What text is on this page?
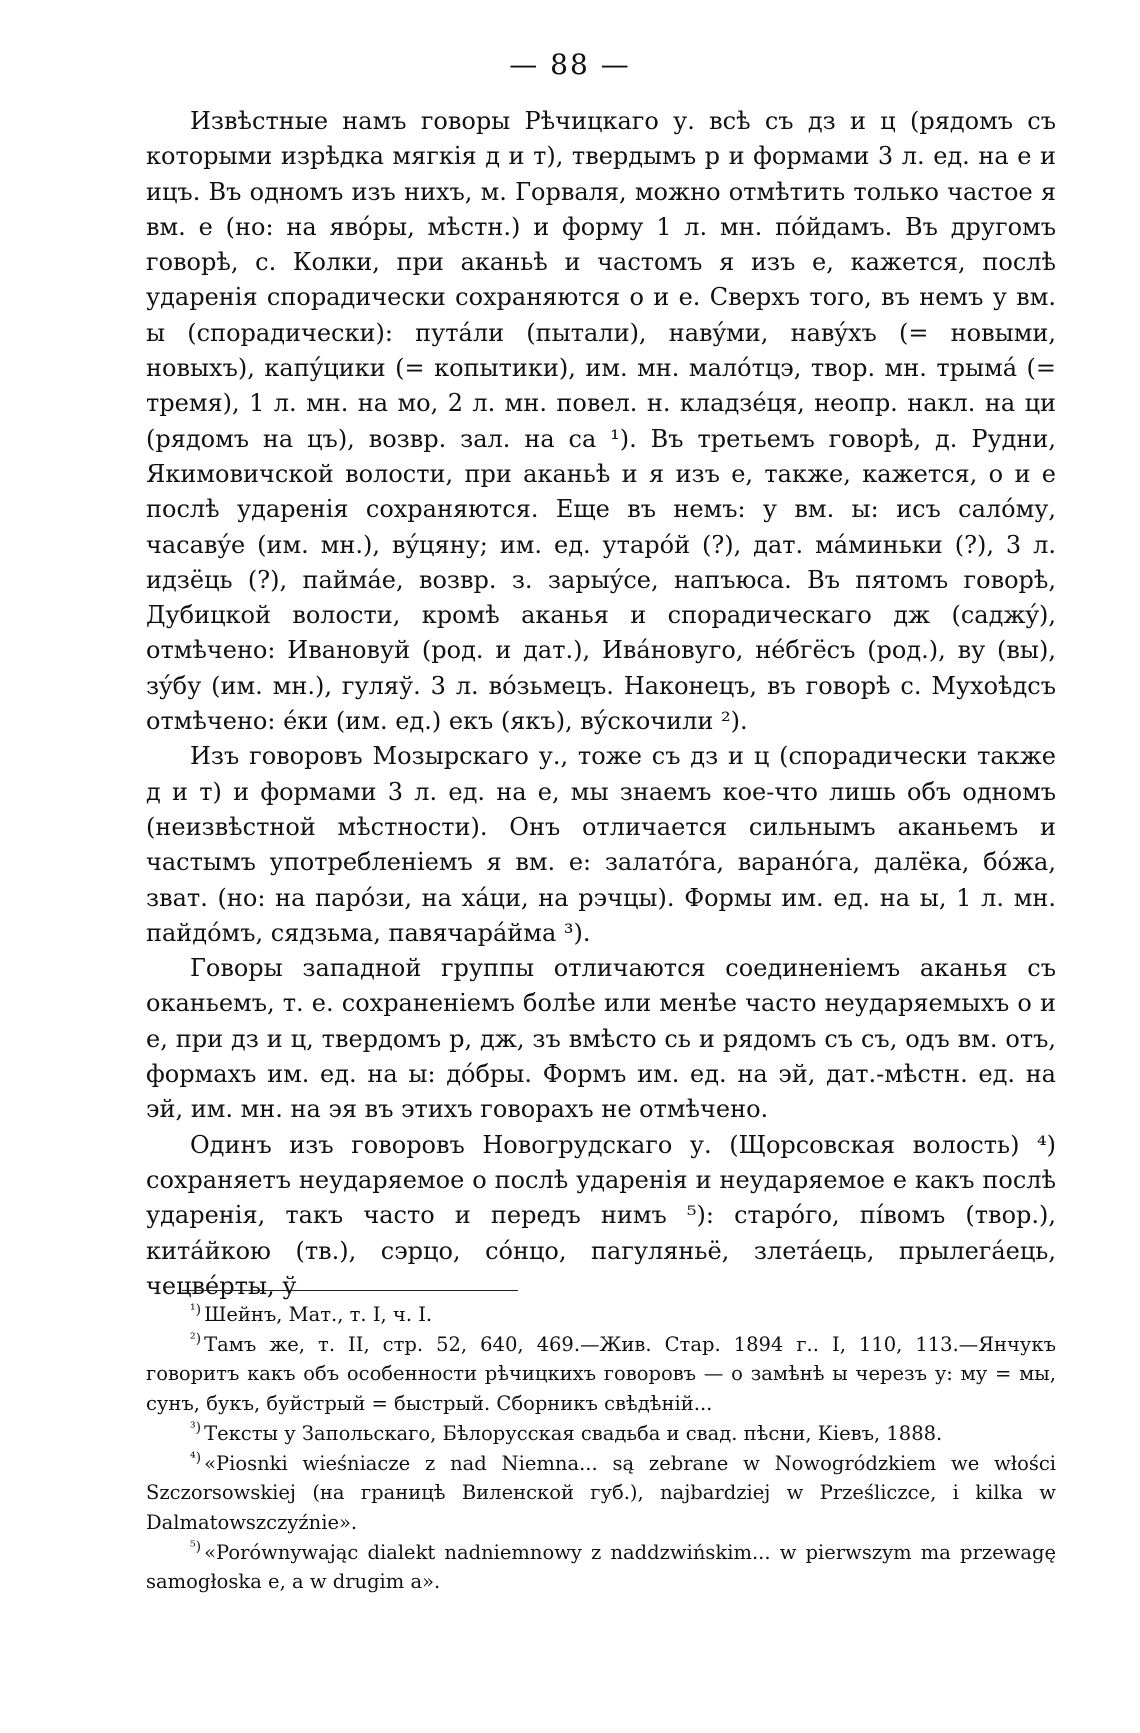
— 88 —

Извѣстные намъ говоры Рѣчицкаго у. всѣ съ дз и ц (рядомъ съ которыми изрѣдка мягкія д и т), твердымъ р и формами 3 л. ед. на е и ицъ. Въ одномъ изъ нихъ, м. Горваля, можно отмѣтить только частое я вм. е (но: на явóры, мѣстн.) и форму 1 л. мн. пóйдамъ. Въ другомъ говорѣ, с. Колки, при аканьѣ и частомъ я изъ е, кажется, послѣ ударенія спорадически сохраняются о и е. Сверхъ того, въ немъ у вм. ы (спорадически): путáли (пытали), навýми, навýхъ (= новыми, новыхъ), капýцики (= копытики), им. мн. малóтцэ, твор. мн. трымá (= тремя), 1 л. мн. на мо, 2 л. мн. повел. н. кладзéця, неопр. накл. на ци (рядомъ на цъ), возвр. зал. на са ¹). Въ третьемъ говорѣ, д. Рудни, Якимовичской волости, при аканьѣ и я изъ е, также, кажется, о и е послѣ ударенія сохраняются. Еще въ немъ: у вм. ы: исъ салóму, часавýе (им. мн.), вýцяну; им. ед. утарóй (?), дат. мáминьки (?), 3 л. идзёць (?), паймáе, возвр. з. зарыýсе, напъюса. Въ пятомъ говорѣ, Дубицкой волости, кромѣ аканья и спорадическаго дж (саджý), отмѣчено: Ивановуй (род. и дат.), Ивáновуго, нéбгёсъ (род.), ву (вы), зýбу (им. мн.), гуляў. 3 л. вóзьмецъ. Наконецъ, въ говорѣ с. Мухоѣдсъ отмѣчено: éки (им. ед.) екъ (якъ), вýскочили ²).

Изъ говоровъ Мозырскаго у., тоже съ дз и ц (спорадически также д и т) и формами 3 л. ед. на е, мы знаемъ кое-что лишь объ одномъ (неизвѣстной мѣстности). Онъ отличается сильнымъ аканьемъ и частымъ употребленіемъ я вм. е: залатóга, варанóга, далёка, бóжа, зват. (но: на парóзи, на хáци, на рэчцы). Формы им. ед. на ы, 1 л. мн. пайдóмъ, сядзьма, павячарáйма ³).

Говоры западной группы отличаются соединеніемъ аканья съ оканьемъ, т. е. сохраненіемъ болѣе или менѣе часто неударяемыхъ о и е, при дз и ц, твердомъ р, дж, зъ вмѣсто сь и рядомъ съ съ, одъ вм. отъ, формахъ им. ед. на ы: дóбры. Формъ им. ед. на эй, дат.-мѣстн. ед. на эй, им. мн. на эя въ этихъ говорахъ не отмѣчено.

Одинъ изъ говоровъ Новогрудскаго у. (Щорсовская волость) ⁴) сохраняетъ неударяемое о послѣ ударенія и неударяемое е какъ послѣ ударенія, такъ часто и передъ нимъ ⁵): старóго, пíвомъ (твор.), китáйкою (тв.), сэрцо, сóнцо, пагуляньё, злетáець, прылегáець, чецвéрты, ў

$^{^1)}$ Шейнъ, Мат., т. I, ч. I.

$^{^2)}$ Тамъ же, т. II, стр. 52, 640, 469.—Жив. Стар. 1894 г.. I, 110, 113.—Янчукъ говоритъ какъ объ особенности рѣчицкихъ говоровъ — о замѣнѣ ы черезъ у: му = мы, сунъ, букъ, буйстрый = быстрый. Сборникъ свѣдѣній...

$^{^3)}$ Тексты у Запольскаго, Бѣлорусская свадьба и свад. пѣсни, Кіевъ, 1888.

$^{^4)}$ «Piosnki wieśniacze z nad Niemna... są zebrane w Nowogródzkiem we włości Szczorsowskiej (на границѣ Виленской губ.), najbardziej w Prześliczce, i kilka w Dalmatowszczyźnie».

$^{^5)}$ «Porównywając dialekt nadniemnowy z naddzwińskim... w pierwszym ma przewagę samogłoska e, a w drugim a».
